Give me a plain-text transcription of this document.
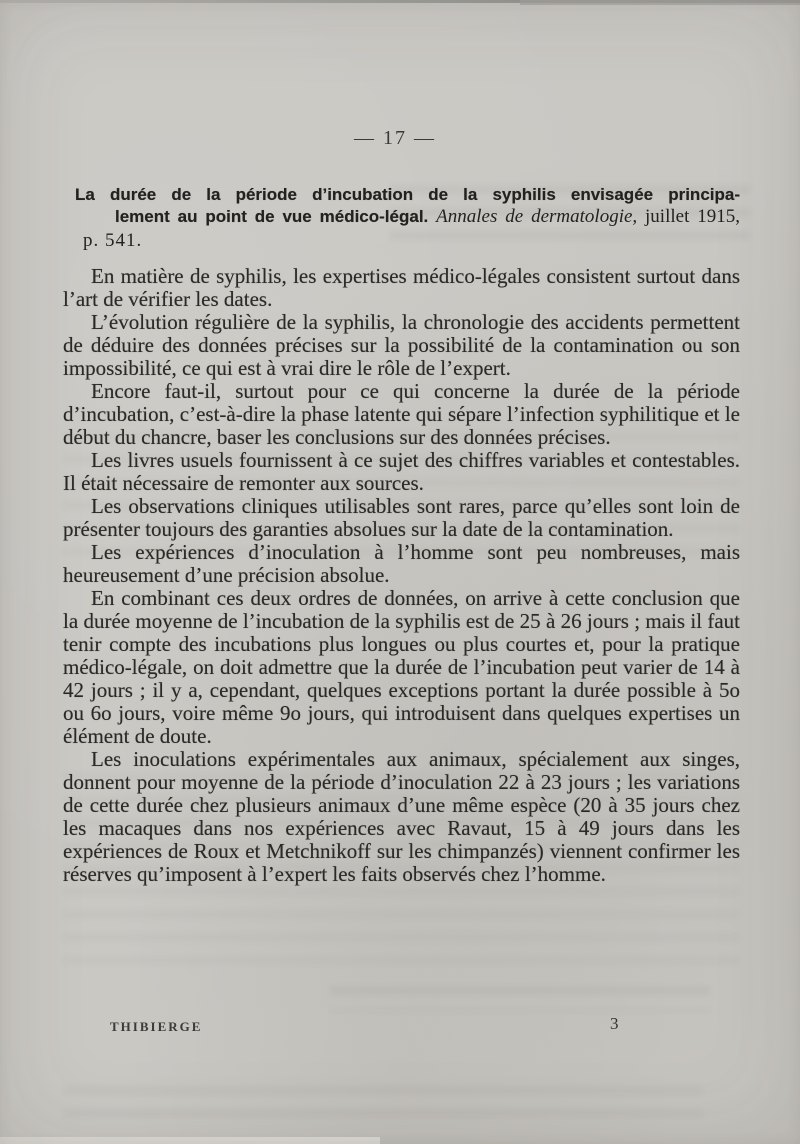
— 17 —
La durée de la période d’incubation de la syphilis envisagée principa-
lement au point de vue médico-légal. Annales de dermatologie, juillet 1915,
p. 541.

En matière de syphilis, les expertises médico-légales consistent surtout dans l’art de vérifier les dates.

L’évolution régulière de la syphilis, la chronologie des accidents permettent de déduire des données précises sur la possibilité de la contamination ou son impossibilité, ce qui est à vrai dire le rôle de l’expert.

Encore faut-il, surtout pour ce qui concerne la durée de la période d’incubation, c’est-à-dire la phase latente qui sépare l’infection syphilitique et le début du chancre, baser les conclusions sur des données précises.

Les livres usuels fournissent à ce sujet des chiffres variables et contestables. Il était nécessaire de remonter aux sources.

Les observations cliniques utilisables sont rares, parce qu’elles sont loin de présenter toujours des garanties absolues sur la date de la contamination.

Les expériences d’inoculation à l’homme sont peu nombreuses, mais heureusement d’une précision absolue.

En combinant ces deux ordres de données, on arrive à cette conclusion que la durée moyenne de l’incubation de la syphilis est de 25 à 26 jours ; mais il faut tenir compte des incubations plus longues ou plus courtes et, pour la pratique médico-légale, on doit admettre que la durée de l’incubation peut varier de 14 à 42 jours ; il y a, cependant, quelques exceptions portant la durée possible à 5o ou 6o jours, voire même 9o jours, qui introduisent dans quelques expertises un élément de doute.

Les inoculations expérimentales aux animaux, spécialement aux singes, donnent pour moyenne de la période d’inoculation 22 à 23 jours ; les variations de cette durée chez plusieurs animaux d’une même espèce (20 à 35 jours chez les macaques dans nos expériences avec Ravaut, 15 à 49 jours dans les expériences de Roux et Metchnikoff sur les chimpanzés) viennent confirmer les réserves qu’imposent à l’expert les faits observés chez l’homme.

THIBIERGE	3
